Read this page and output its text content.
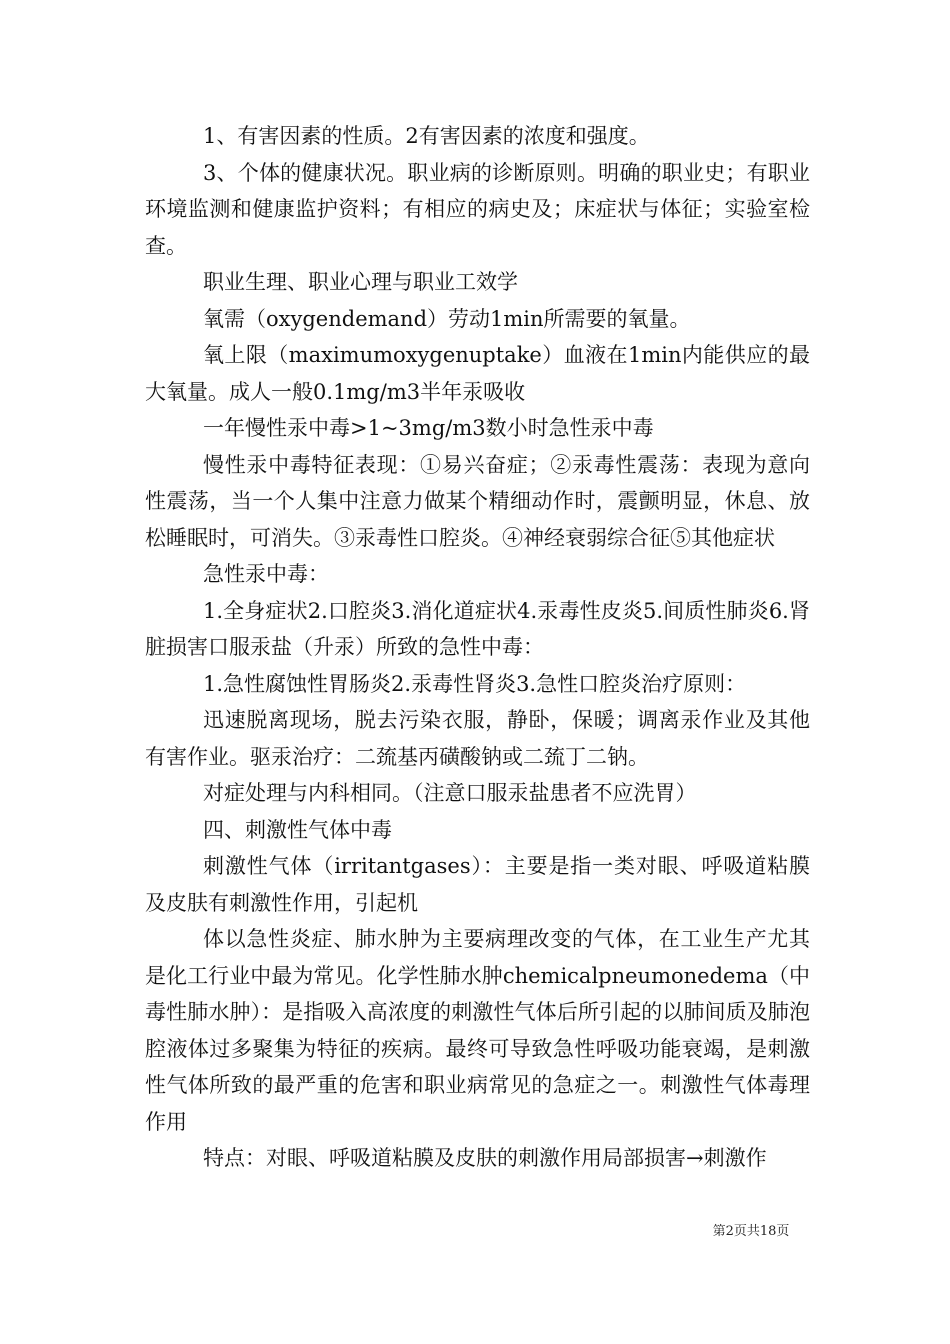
1、有害因素的性质。2有害因素的浓度和强度。

3、个体的健康状况。职业病的诊断原则。明确的职业史；有职业环境监测和健康监护资料；有相应的病史及；床症状与体征；实验室检查。

职业生理、职业心理与职业工效学

氧需（oxygendemand）劳动1min所需要的氧量。

氧上限（maximumoxygenuptake）血液在1min内能供应的最大氧量。成人一般0.1mg/m3半年汞吸收

一年慢性汞中毒>1~3mg/m3数小时急性汞中毒

慢性汞中毒特征表现：①易兴奋症；②汞毒性震荡：表现为意向性震荡，当一个人集中注意力做某个精细动作时，震颤明显，休息、放松睡眠时，可消失。③汞毒性口腔炎。④神经衰弱综合征⑤其他症状

急性汞中毒：

1.全身症状2.口腔炎3.消化道症状4.汞毒性皮炎5.间质性肺炎6.肾脏损害口服汞盐（升汞）所致的急性中毒：

1.急性腐蚀性胃肠炎2.汞毒性肾炎3.急性口腔炎治疗原则：

迅速脱离现场，脱去污染衣服，静卧，保暖；调离汞作业及其他有害作业。驱汞治疗：二巯基丙磺酸钠或二巯丁二钠。

对症处理与内科相同。（注意口服汞盐患者不应洗胃）

四、刺激性气体中毒

刺激性气体（irritantgases）：主要是指一类对眼、呼吸道粘膜及皮肤有刺激性作用，引起机

体以急性炎症、肺水肿为主要病理改变的气体，在工业生产尤其是化工行业中最为常见。化学性肺水肿chemicalpneumonedema（中毒性肺水肿）：是指吸入高浓度的刺激性气体后所引起的以肺间质及肺泡腔液体过多聚集为特征的疾病。最终可导致急性呼吸功能衰竭，是刺激性气体所致的最严重的危害和职业病常见的急症之一。刺激性气体毒理作用

特点：对眼、呼吸道粘膜及皮肤的刺激作用局部损害→刺激作

第2页共18页
